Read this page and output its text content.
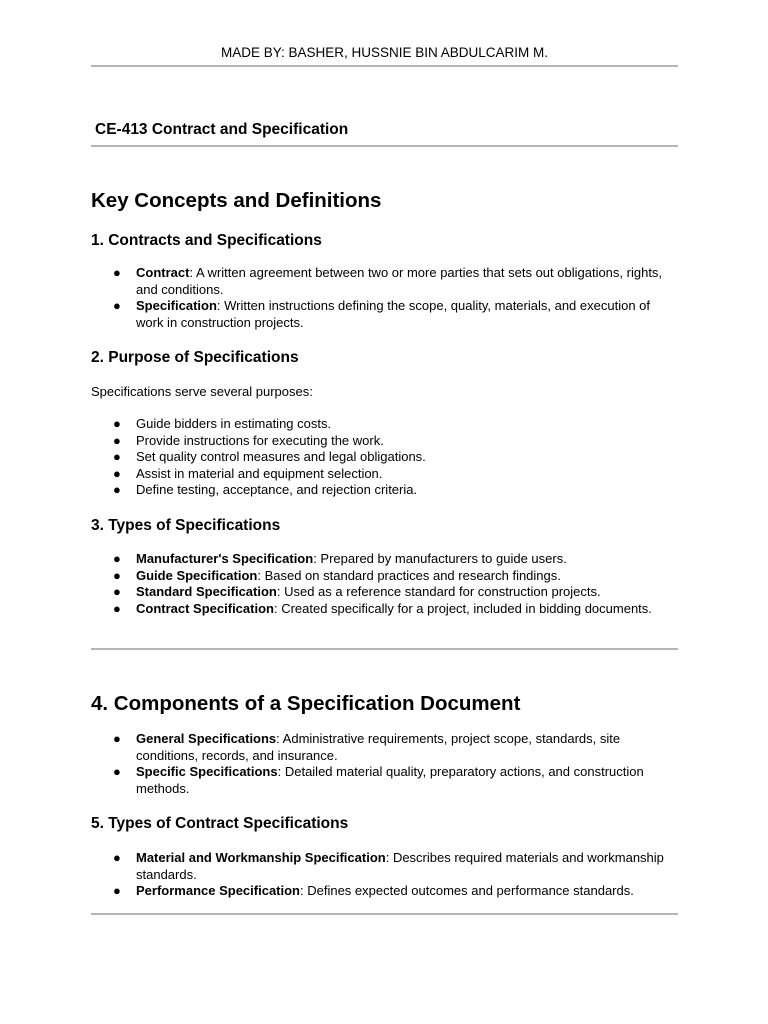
MADE BY: BASHER, HUSSNIE BIN ABDULCARIM M.
CE-413 Contract and Specification
Key Concepts and Definitions
1. Contracts and Specifications
● Contract: A written agreement between two or more parties that sets out obligations, rights, and conditions.
● Specification: Written instructions defining the scope, quality, materials, and execution of work in construction projects.
2. Purpose of Specifications

Specifications serve several purposes:

● Guide bidders in estimating costs.
● Provide instructions for executing the work.
● Set quality control measures and legal obligations.
● Assist in material and equipment selection.
● Define testing, acceptance, and rejection criteria.
3. Types of Specifications
● Manufacturer's Specification: Prepared by manufacturers to guide users.
● Guide Specification: Based on standard practices and research findings.
● Standard Specification: Used as a reference standard for construction projects.
● Contract Specification: Created specifically for a project, included in bidding documents.
4. Components of a Specification Document
● General Specifications: Administrative requirements, project scope, standards, site conditions, records, and insurance.
● Specific Specifications: Detailed material quality, preparatory actions, and construction methods.
5. Types of Contract Specifications
● Material and Workmanship Specification: Describes required materials and workmanship standards.
● Performance Specification: Defines expected outcomes and performance standards.
